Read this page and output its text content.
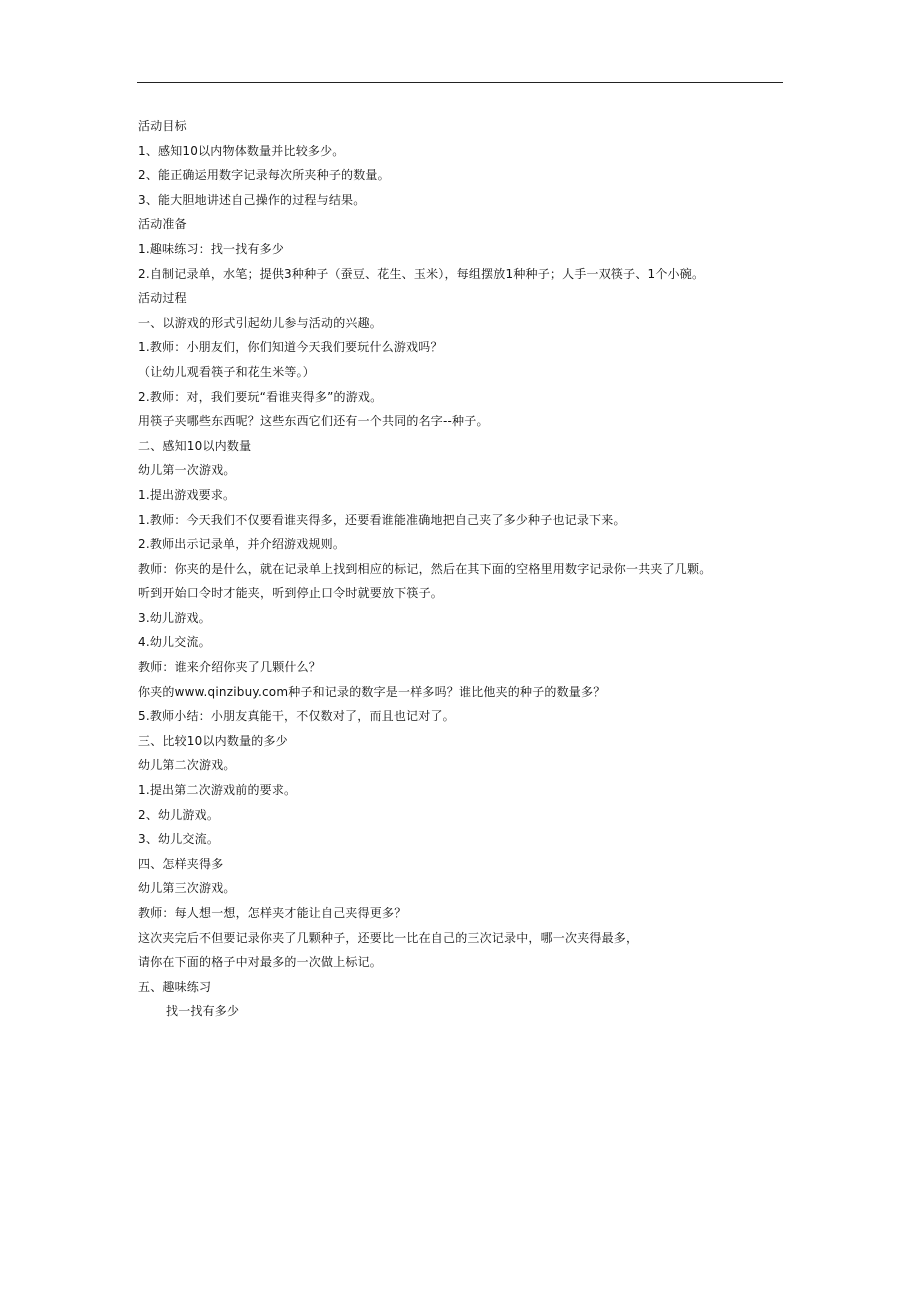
活动目标
1、感知10以内物体数量并比较多少。
2、能正确运用数字记录每次所夹种子的数量。
3、能大胆地讲述自己操作的过程与结果。
活动准备
1.趣味练习：找一找有多少
2.自制记录单，水笔；提供3种种子（蚕豆、花生、玉米），每组摆放1种种子；人手一双筷子、1个小碗。
活动过程
一、以游戏的形式引起幼儿参与活动的兴趣。
1.教师：小朋友们，你们知道今天我们要玩什么游戏吗？
（让幼儿观看筷子和花生米等。）
2.教师：对，我们要玩“看谁夹得多”的游戏。
用筷子夹哪些东西呢？这些东西它们还有一个共同的名字--种子。
二、感知10以内数量
幼儿第一次游戏。
1.提出游戏要求。
1.教师：今天我们不仅要看谁夹得多，还要看谁能准确地把自己夹了多少种子也记录下来。
2.教师出示记录单，并介绍游戏规则。
教师：你夹的是什么，就在记录单上找到相应的标记，然后在其下面的空格里用数字记录你一共夹了几颗。
听到开始口令时才能夹，听到停止口令时就要放下筷子。
3.幼儿游戏。
4.幼儿交流。
教师：谁来介绍你夹了几颗什么？
你夹的www.qinzibuy.com种子和记录的数字是一样多吗？谁比他夹的种子的数量多？
5.教师小结：小朋友真能干，不仅数对了，而且也记对了。
三、比较10以内数量的多少
幼儿第二次游戏。
1.提出第二次游戏前的要求。
2、幼儿游戏。
3、幼儿交流。
四、怎样夹得多
幼儿第三次游戏。
教师：每人想一想，怎样夹才能让自己夹得更多？
这次夹完后不但要记录你夹了几颗种子，还要比一比在自己的三次记录中，哪一次夹得最多，
请你在下面的格子中对最多的一次做上标记。
五、趣味练习
找一找有多少
